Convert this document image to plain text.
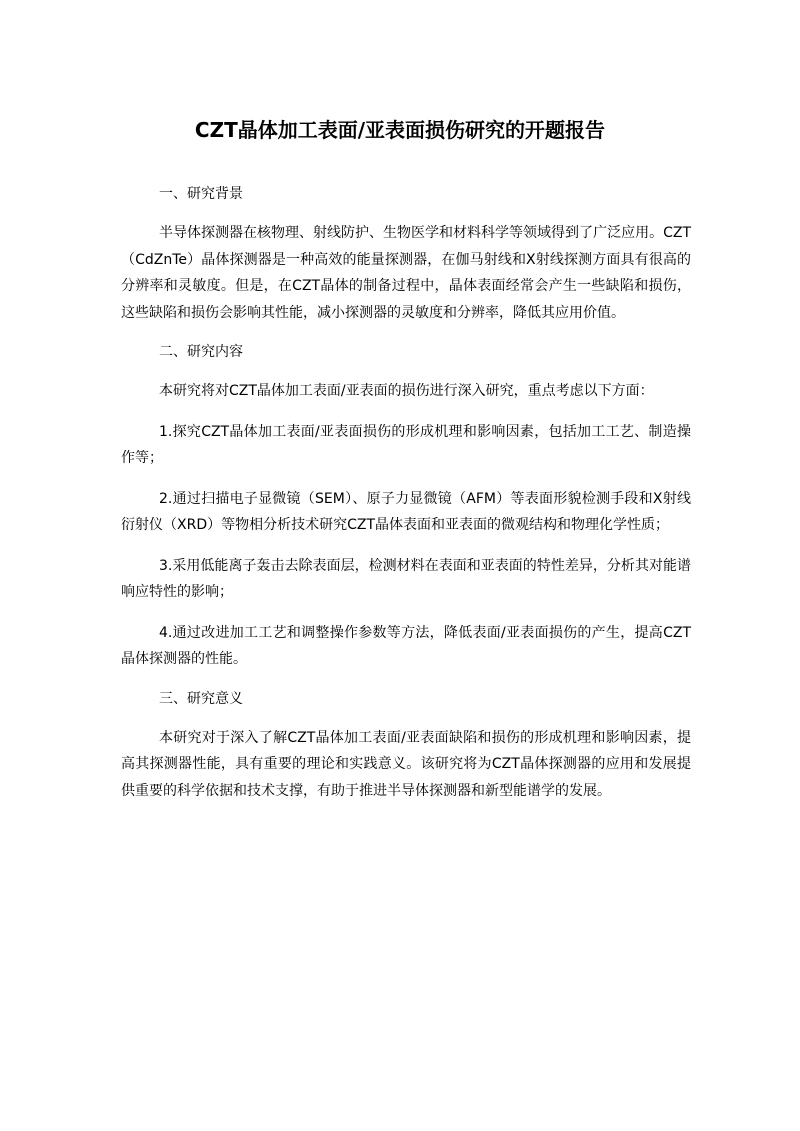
CZT晶体加工表面/亚表面损伤研究的开题报告

一、研究背景

半导体探测器在核物理、射线防护、生物医学和材料科学等领域得到了广泛应用。CZT（CdZnTe）晶体探测器是一种高效的能量探测器，在伽马射线和X射线探测方面具有很高的分辨率和灵敏度。但是，在CZT晶体的制备过程中，晶体表面经常会产生一些缺陷和损伤，这些缺陷和损伤会影响其性能，减小探测器的灵敏度和分辨率，降低其应用价值。

二、研究内容

本研究将对CZT晶体加工表面/亚表面的损伤进行深入研究，重点考虑以下方面：

1.探究CZT晶体加工表面/亚表面损伤的形成机理和影响因素，包括加工工艺、制造操作等；

2.通过扫描电子显微镜（SEM）、原子力显微镜（AFM）等表面形貌检测手段和X射线衍射仪（XRD）等物相分析技术研究CZT晶体表面和亚表面的微观结构和物理化学性质；

3.采用低能离子轰击去除表面层，检测材料在表面和亚表面的特性差异，分析其对能谱响应特性的影响；

4.通过改进加工工艺和调整操作参数等方法，降低表面/亚表面损伤的产生，提高CZT晶体探测器的性能。

三、研究意义

本研究对于深入了解CZT晶体加工表面/亚表面缺陷和损伤的形成机理和影响因素，提高其探测器性能，具有重要的理论和实践意义。该研究将为CZT晶体探测器的应用和发展提供重要的科学依据和技术支撑，有助于推进半导体探测器和新型能谱学的发展。
